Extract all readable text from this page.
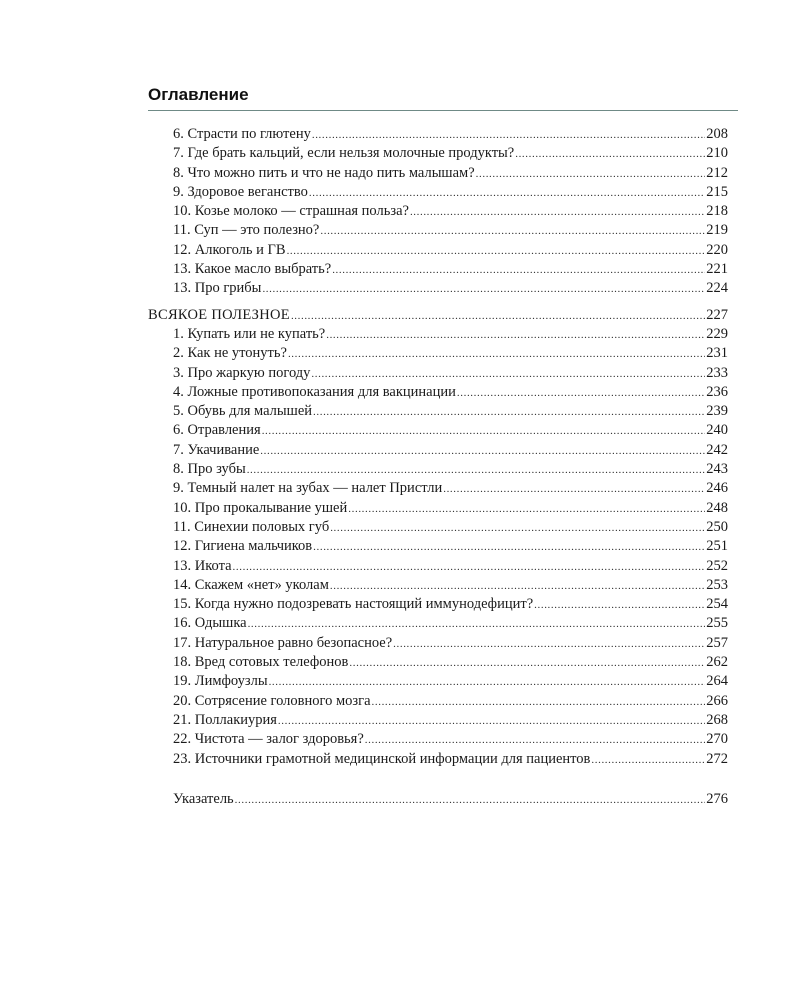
Оглавление
6. Страсти по глютену .....	208
7. Где брать кальций, если нельзя молочные продукты? .....	210
8. Что можно пить и что не надо пить малышам? .....	212
9. Здоровое веганство .....	215
10. Козье молоко — страшная польза? .....	218
11. Суп — это полезно? .....	219
12. Алкоголь и ГВ .....	220
13. Какое масло выбрать? .....	221
13. Про грибы .....	224
ВСЯКОЕ ПОЛЕЗНОЕ .....	227
1. Купать или не купать? .....	229
2. Как не утонуть? .....	231
3. Про жаркую погоду .....	233
4. Ложные противопоказания для вакцинации .....	236
5. Обувь для малышей .....	239
6. Отравления .....	240
7. Укачивание .....	242
8. Про зубы .....	243
9. Темный налет на зубах — налет Пристли .....	246
10. Про прокалывание ушей .....	248
11. Синехии половых губ .....	250
12. Гигиена мальчиков .....	251
13. Икота .....	252
14. Скажем «нет» уколам .....	253
15. Когда нужно подозревать настоящий иммунодефицит? .....	254
16. Одышка .....	255
17. Натуральное равно безопасное? .....	257
18. Вред сотовых телефонов .....	262
19. Лимфоузлы .....	264
20. Сотрясение головного мозга .....	266
21. Поллакиурия .....	268
22. Чистота — залог здоровья? .....	270
23. Источники грамотной медицинской информации для пациентов .....	272
Указатель .....	276
